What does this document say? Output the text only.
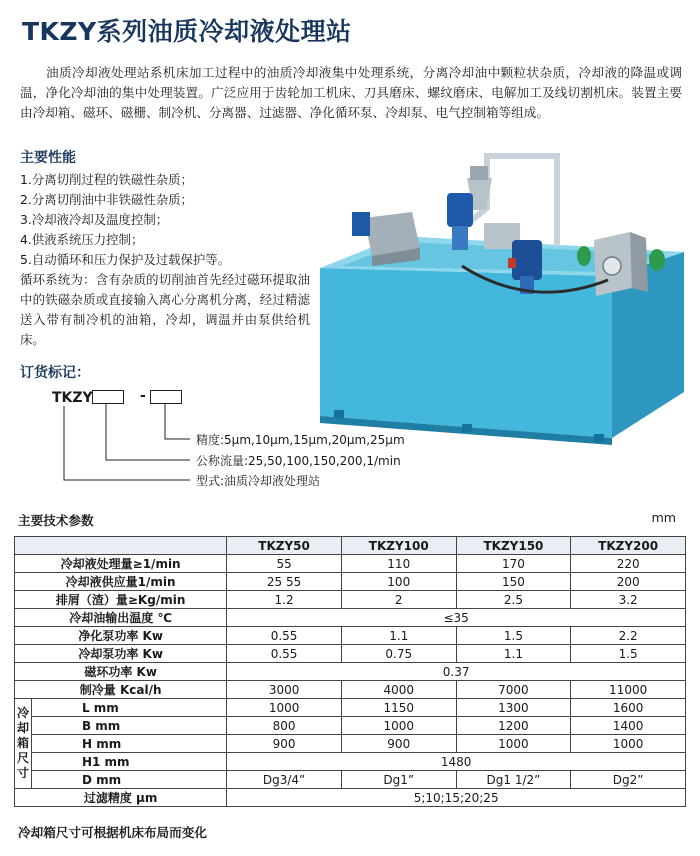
TKZY系列油质冷却液处理站
油质冷却液处理站系机床加工过程中的油质冷却液集中处理系统，分离冷却油中颗粒状杂质，冷却液的降温或调温，净化冷却油的集中处理装置。广泛应用于齿轮加工机床、刀具磨床、螺纹磨床、电解加工及线切割机床。装置主要由冷却箱、磁环、磁栅、制冷机、分离器、过滤器、净化循环泵、冷却泵、电气控制箱等组成。
主要性能
1.分离切削过程的铁磁性杂质；
2.分离切削油中非铁磁性杂质；
3.冷却液冷却及温度控制；
4.供液系统压力控制；
5.自动循环和压力保护及过载保护等。
循环系统为：含有杂质的切削油首先经过磁环提取油中的铁磁杂质或直接输入离心分离机分离，经过精滤送入带有制冷机的油箱，冷却，调温并由泵供给机床。
订货标记：
TKZY	-
精度:5μm,10μm,15μm,20μm,25μm
公称流量:25,50,100,150,200,1/min
型式:油质冷却液处理站
主要技术参数	mm
		TKZY50	TKZY100	TKZY150	TKZY200
冷却液处理量≥1/min		55	110	170	220
冷却液供应量1/min		25 55	100	150	200
排屑（渣）量≥Kg/min		1.2	2	2.5	3.2
冷却油输出温度 ℃		≤35			
净化泵功率 Kw		0.55	1.1	1.5	2.2
冷却泵功率 Kw		0.55	0.75	1.1	1.5
磁环功率 Kw		0.37			
制冷量 Kcal/h		3000	4000	7000	11000

冷
却
箱
尺
寸	L mm	1000	1150	1300	1600
	B mm	800	1000	1200	1400
	H mm	900	900	1000	1000
	H1 mm	1480			
	D mm	Dg3/4”	Dg1”	Dg1 1/2”	Dg2”
过滤精度 μm		5;10;15;20;25			
冷却箱尺寸可根据机床布局而变化
